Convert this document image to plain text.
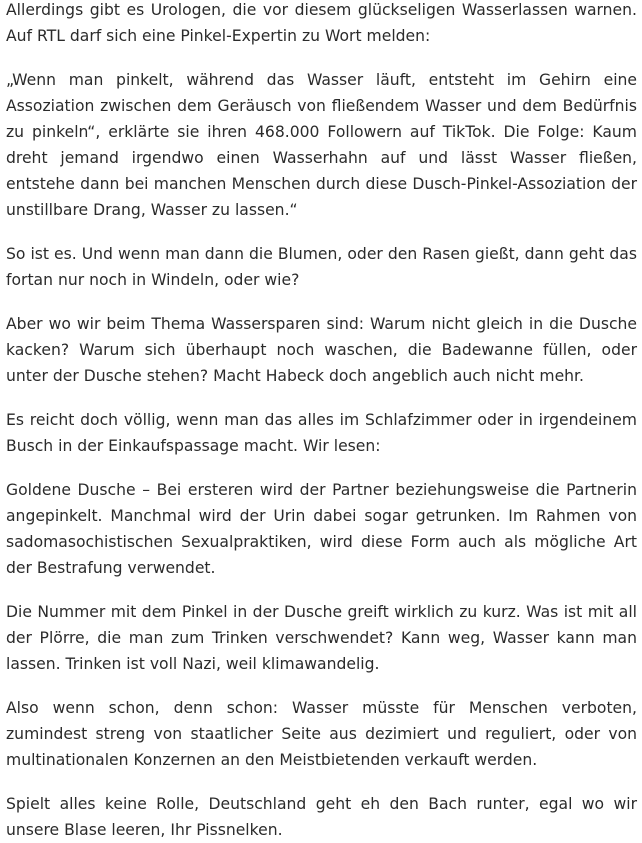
Allerdings gibt es Urologen, die vor diesem glückseligen Wasserlassen warnen. Auf RTL darf sich eine Pinkel-Expertin zu Wort melden:

„Wenn man pinkelt, während das Wasser läuft, entsteht im Gehirn eine Assoziation zwischen dem Geräusch von fließendem Wasser und dem Bedürfnis zu pinkeln“, erklärte sie ihren 468.000 Followern auf TikTok. Die Folge: Kaum dreht jemand irgendwo einen Wasserhahn auf und lässt Wasser fließen, entstehe dann bei manchen Menschen durch diese Dusch-Pinkel-Assoziation der unstillbare Drang, Wasser zu lassen.“

So ist es. Und wenn man dann die Blumen, oder den Rasen gießt, dann geht das fortan nur noch in Windeln, oder wie?

Aber wo wir beim Thema Wassersparen sind: Warum nicht gleich in die Dusche kacken? Warum sich überhaupt noch waschen, die Badewanne füllen, oder unter der Dusche stehen? Macht Habeck doch angeblich auch nicht mehr.

Es reicht doch völlig, wenn man das alles im Schlafzimmer oder in irgendeinem Busch in der Einkaufspassage macht. Wir lesen:

Goldene Dusche – Bei ersteren wird der Partner beziehungsweise die Partnerin angepinkelt. Manchmal wird der Urin dabei sogar getrunken. Im Rahmen von sadomasochistischen Sexualpraktiken, wird diese Form auch als mögliche Art der Bestrafung verwendet.

Die Nummer mit dem Pinkel in der Dusche greift wirklich zu kurz. Was ist mit all der Plörre, die man zum Trinken verschwendet? Kann weg, Wasser kann man lassen. Trinken ist voll Nazi, weil klimawandelig.

Also wenn schon, denn schon: Wasser müsste für Menschen verboten, zumindest streng von staatlicher Seite aus dezimiert und reguliert, oder von multinationalen Konzernen an den Meistbietenden verkauft werden.

Spielt alles keine Rolle, Deutschland geht eh den Bach runter, egal wo wir unsere Blase leeren, Ihr Pissnelken.
